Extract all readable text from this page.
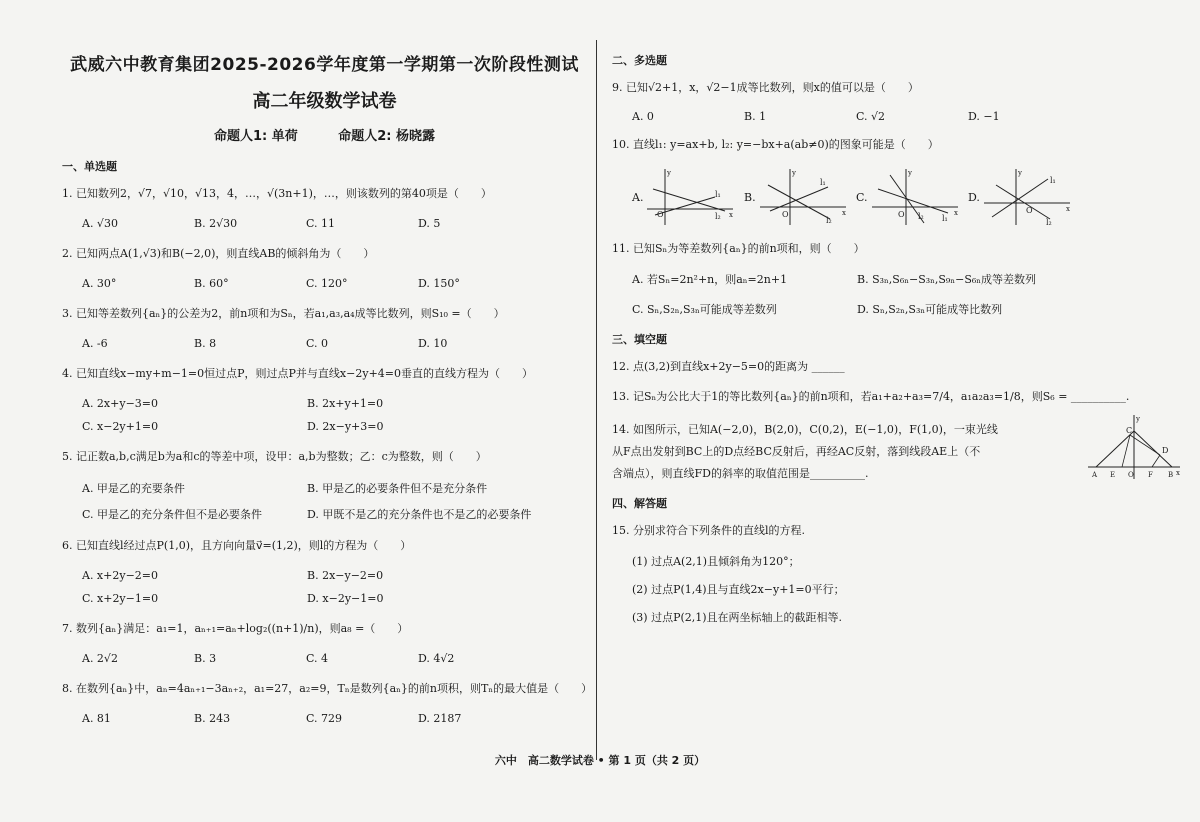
武威六中教育集团2025-2026学年度第一学期第一次阶段性测试
高二年级数学试卷
命题人1: 单荷	命题人2: 杨晓露
一、单选题
1. 已知数列2，√7，√10，√13，4，…，√(3n+1)，…，则该数列的第40项是（　　）
A. √30	B. 2√30	C. 11	D. 5
2. 已知两点A(1,√3)和B(−2,0)，则直线AB的倾斜角为（　　）
A. 30°	B. 60°	C. 120°	D. 150°
3. 已知等差数列{aₙ}的公差为2，前n项和为Sₙ，若a₁,a₃,a₄成等比数列，则S₁₀ =（　　）
A. -6	B. 8	C. 0	D. 10
4. 已知直线x−my+m−1=0恒过点P，则过点P并与直线x−2y+4=0垂直的直线方程为（　　）
A. 2x+y−3=0	B. 2x+y+1=0
C. x−2y+1=0	D. 2x−y+3=0
5. 记正数a,b,c满足b为a和c的等差中项，设甲：a,b为整数；乙：c为整数，则（　　）
A. 甲是乙的充要条件	B. 甲是乙的必要条件但不是充分条件
C. 甲是乙的充分条件但不是必要条件	D. 甲既不是乙的充分条件也不是乙的必要条件
6. 已知直线l经过点P(1,0)，且方向向量v⃗=(1,2)，则l的方程为（　　）
A. x+2y−2=0	B. 2x−y−2=0
C. x+2y−1=0	D. x−2y−1=0
7. 数列{aₙ}满足：a₁=1，aₙ₊₁=aₙ+log₂((n+1)/n)，则a₈ =（　　）
A. 2√2	B. 3	C. 4	D. 4√2
8. 在数列{aₙ}中，aₙ=4aₙ₊₁−3aₙ₊₂，a₁=27，a₂=9，Tₙ是数列{aₙ}的前n项积，则Tₙ的最大值是（　　）
A. 81	B. 243	C. 729	D. 2187
二、多选题
9. 已知√2+1，x，√2−1成等比数列，则x的值可以是（　　）
A. 0	B. 1	C. √2	D. −1
10. 直线l₁: y=ax+b, l₂: y=−bx+a(ab≠0)的图象可能是（　　）
A.	l₁
l₂
O	x
y
B.
l₁
l₂
O	x
y
C.
l₁
l₂
O	x
y
D.
l₁
l₂
O	x
y
11. 已知Sₙ为等差数列{aₙ}的前n项和，则（　　）
A. 若Sₙ=2n²+n，则aₙ=2n+1	B. S₃ₙ,S₆ₙ−S₃ₙ,S₉ₙ−S₆ₙ成等差数列
C. Sₙ,S₂ₙ,S₃ₙ可能成等差数列	D. Sₙ,S₂ₙ,S₃ₙ可能成等比数列
三、填空题
12. 点(3,2)到直线x+2y−5=0的距离为 ______
13. 记Sₙ为公比大于1的等比数列{aₙ}的前n项和，若a₁+a₂+a₃=7/4，a₁a₂a₃=1/8，则S₆ = __________.
14. 如图所示，已知A(−2,0)，B(2,0)，C(0,2)，E(−1,0)，F(1,0)，一束光线
从F点出发射到BC上的D点经BC反射后，再经AC反射，落到线段AE上（不
含端点），则直线FD的斜率的取值范围是__________.
y
x
C
D
A E O F B
四、解答题
15. 分别求符合下列条件的直线l的方程.
(1) 过点A(2,1)且倾斜角为120°；
(2) 过点P(1,4)且与直线2x−y+1=0平行；
(3) 过点P(2,1)且在两坐标轴上的截距相等.
六中　高二数学试卷 • 第 1 页（共 2 页）
